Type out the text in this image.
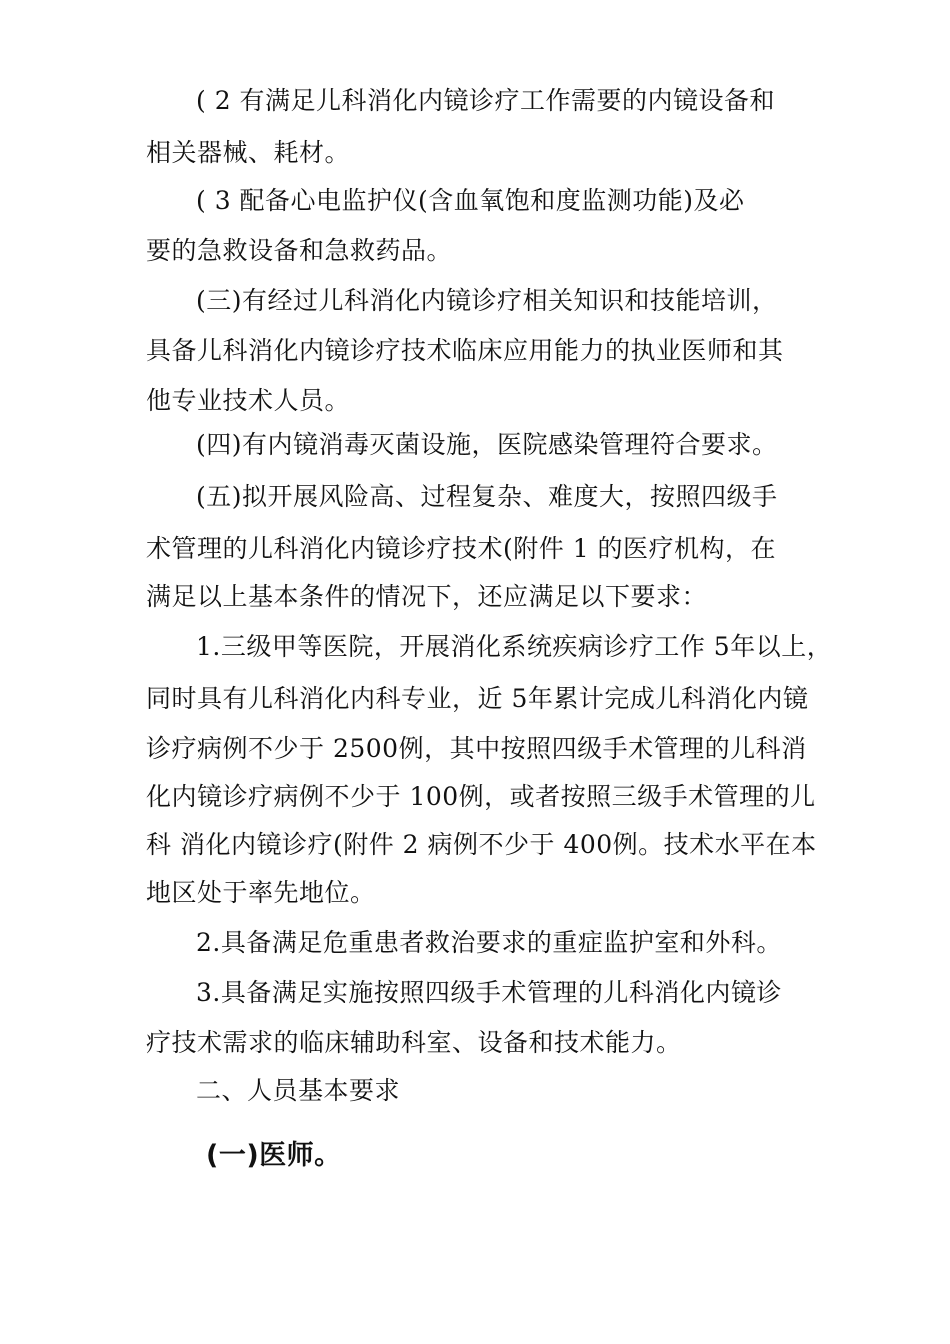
( 2 有满足儿科消化内镜诊疗工作需要的内镜设备和
相关器械、耗材。
( 3 配备心电监护仪(含血氧饱和度监测功能)及必
要的急救设备和急救药品。
(三)有经过儿科消化内镜诊疗相关知识和技能培训，
具备儿科消化内镜诊疗技术临床应用能力的执业医师和其
他专业技术人员。
(四)有内镜消毒灭菌设施，医院感染管理符合要求。
(五)拟开展风险高、过程复杂、难度大，按照四级手
术管理的儿科消化内镜诊疗技术(附件 1 的医疗机构，在
满足以上基本条件的情况下，还应满足以下要求：
1.三级甲等医院，开展消化系统疾病诊疗工作 5年以上，
同时具有儿科消化内科专业，近 5年累计完成儿科消化内镜
诊疗病例不少于 2500例，其中按照四级手术管理的儿科消
化内镜诊疗病例不少于 100例，或者按照三级手术管理的儿
科 消化内镜诊疗(附件 2 病例不少于 400例。技术水平在本
地区处于率先地位。
2.具备满足危重患者救治要求的重症监护室和外科。
3.具备满足实施按照四级手术管理的儿科消化内镜诊
疗技术需求的临床辅助科室、设备和技术能力。
二、人员基本要求
(一)医师。
